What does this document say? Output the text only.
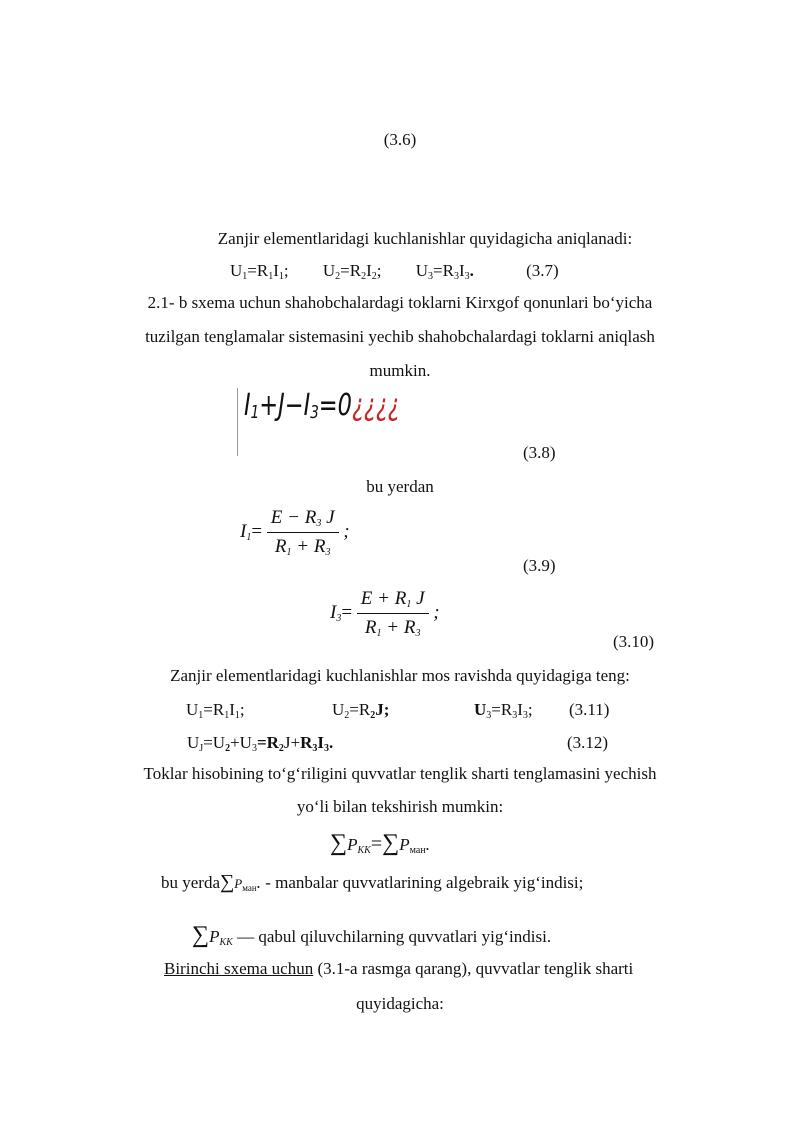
(3.6)
Zanjir elementlaridagi kuchlanishlar quyidagicha aniqlanadi:
$U_1=R_1I_1$; $U_2=R_2I_2$; $U_3=R_3I_3$.	(3.7)
2.1- b sxema uchun shahobchalardagi toklarni Kirxgof qonunlari bo‘yicha
tuzilgan tenglamalar sistemasini yechib shahobchalardagi toklarni aniqlash
mumkin.
$I_1+J-I_3=0¿¿¿¿$
(3.8)
bu yerdan
$I_1= \frac{E - R_3 J}{R_1 + R_3}$ ;
(3.9)
$I_3= \frac{E + R_1 J}{R_1 + R_3}$ ;
(3.10)
Zanjir elementlaridagi kuchlanishlar mos ravishda quyidagiga teng:
$U_1=R_1I_1$;	$U_2=R_2J$;	$U_3=R_3I_3$; (3.11)
$U_J=U_2+U_3=R_2J+R_3I_3$.	(3.12)
Toklar hisobining to‘g‘riligini quvvatlar tenglik sharti tenglamasini yechish
yo‘li bilan tekshirish mumkin:
$\sum P_{KK}=\sum P_{ман}$.
bu $yerda\sum P_{ман}$. - manbalar quvvatlarining algebraik yig‘indisi;
$\sum P_{KK}$ — qabul qiluvchilarning quvvatlari yig‘indisi.
Birinchi sxema uchun (3.1-a rasmga qarang), quvvatlar tenglik sharti
quyidagicha:
